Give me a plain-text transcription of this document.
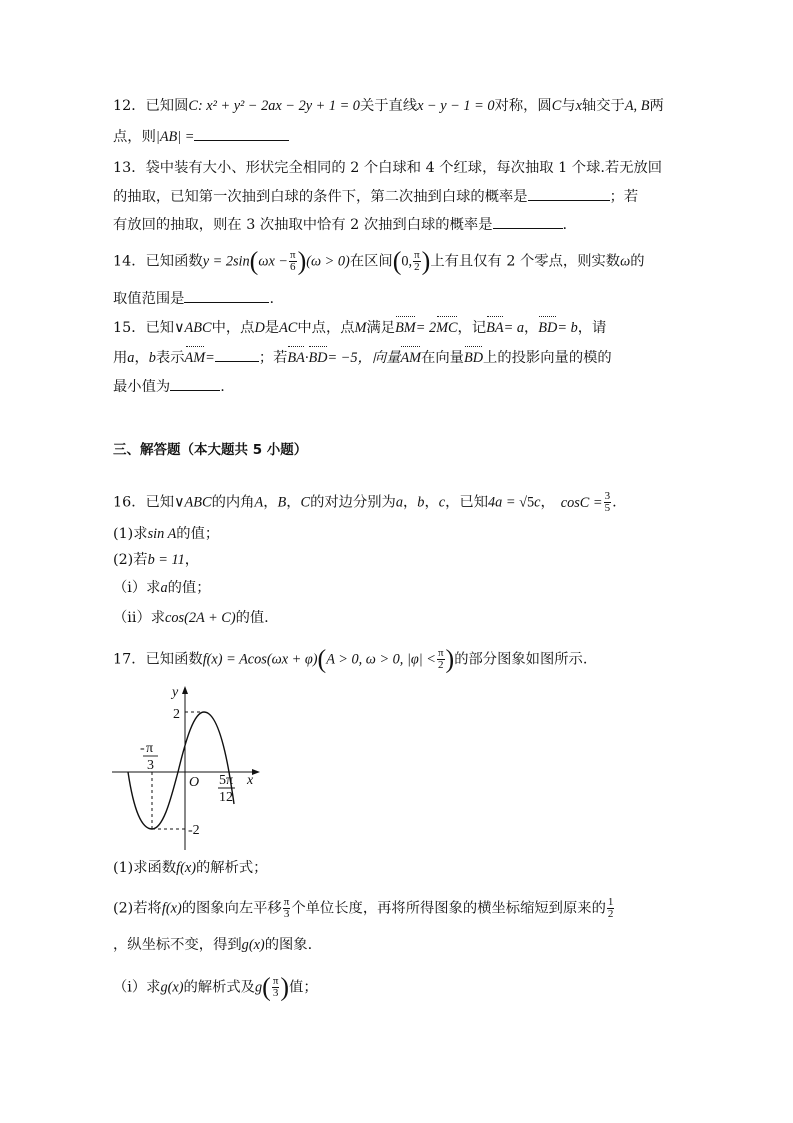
12．已知圆C: x² + y² − 2ax − 2y + 1 = 0关于直线x − y − 1 = 0对称，圆C与x轴交于A, B两
点，则|AB| =
13．袋中装有大小、形状完全相同的 2 个白球和 4 个红球，每次抽取 1 个球.若无放回
的抽取，已知第一次抽到白球的条件下，第二次抽到白球的概率是	；若
有放回的抽取，则在 3 次抽取中恰有 2 次抽到白球的概率是	.
14．已知函数$y = 2\sin(\omega x - \frac{\pi}{6} )(\omega > 0)$在区间(0, $\frac{\pi}{2}$ )上有且仅有 2 个零点，则实数ω的
取值范围是	.
15．已知∨ABC中，点D是AC中点，点M满足BM= 2MC，记BA= a，BD= b，请
用a，b表示AM=	；若BA·BD= −5，向量AM在向量BD上的投影向量的模的
最小值为	.
三、解答题（本大题共 5 小题）
16．已知∨ABC的内角A，B，C的对边分别为a，b，c，已知4a = √5c， $\cos C = \frac{3}{5}$ .
(1)求sin A的值；
(2)若b = 11，
（i）求a的值；
（ii）求cos(2A + C)的值.
17．已知函数f(x) = Acos(ωx + φ)(A > 0, ω > 0, $|\varphi| < \frac{\pi}{2}$ )的部分图象如图所示.
y
x
O
2
-2
- π
3
5π
12
(1)求函数f(x)的解析式；
(2)若将f(x)的图象向左平移 $\frac{\pi}{3}$ 个单位长度，再将所得图象的横坐标缩短到原来的 $\frac{1}{2}$
，纵坐标不变，得到g(x)的图象.
（i）求g(x)的解析式及$g( \frac{\pi}{3}$ )值；
